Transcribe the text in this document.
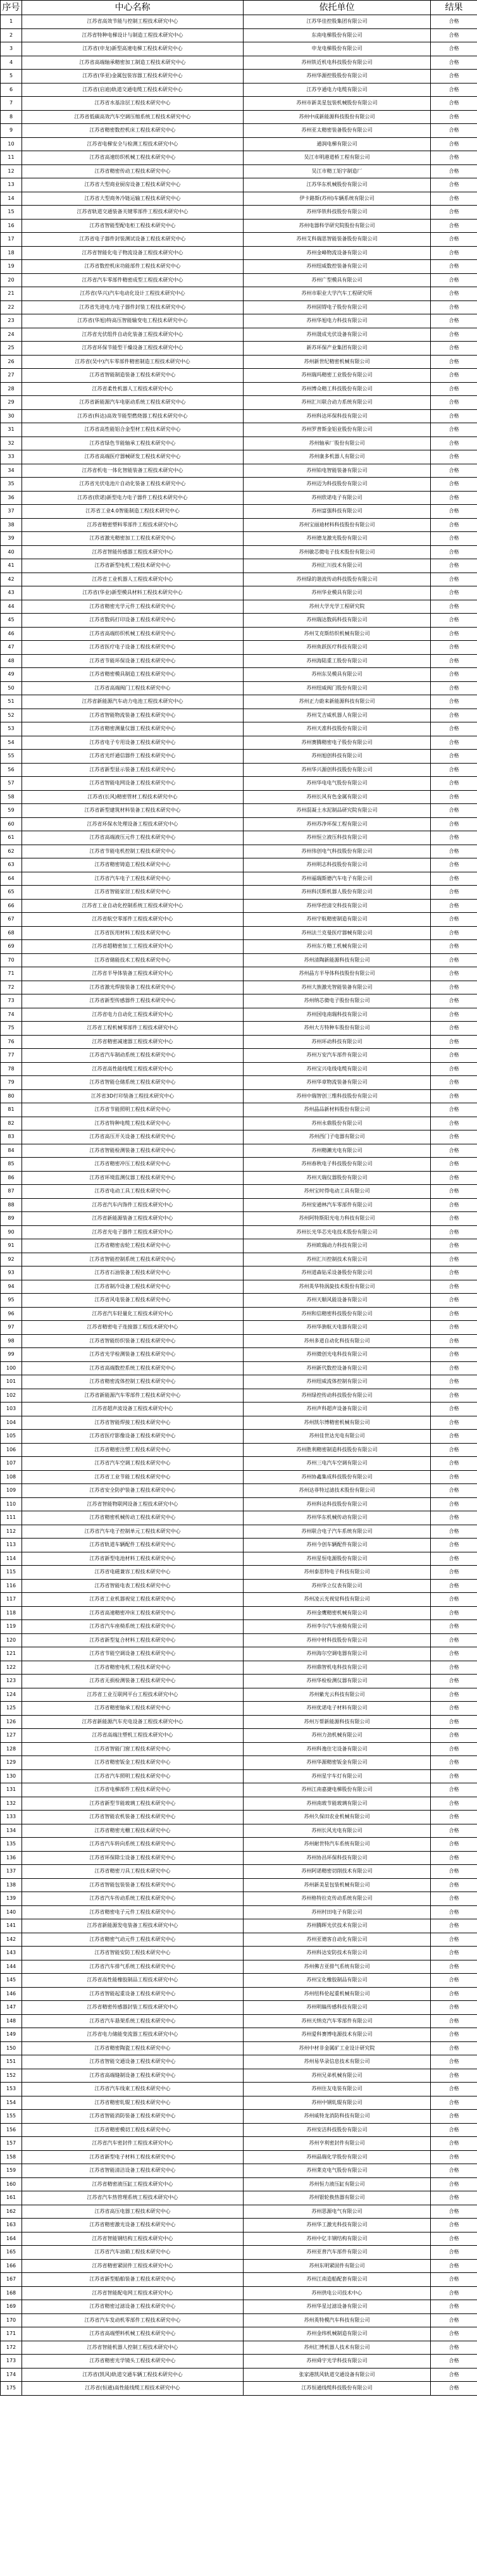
序号	中心名称	依托单位	结果
1	江苏省高效节能与控制工程技术研究中心	江苏华佳控股集团有限公司	合格
2	江苏省特种电梯设计与制造工程技术研究中心	东南电梯股份有限公司	合格
3	江苏省(申龙)新型高速电梯工程技术研究中心	申龙电梯股份有限公司	合格
4	江苏省高端轴承精密加工制造工程技术研究中心	苏州铁近机电科技股份有限公司	合格
5	江苏省(华亚)金属包装容器工程技术研究中心	苏州华源控股股份有限公司	合格
6	江苏省(启迪)轨道交通电缆工程技术研究中心	江苏亨通电力电缆有限公司	合格
7	江苏省水基涂层工程技术研究中心	苏州市新美星包装机械股份有限公司	合格
8	江苏省低碳高效汽车空调压缩系统工程技术研究中心	苏州中成新能源科技股份有限公司	合格
9	江苏省精密数控机床工程技术研究中心	苏州亚太精密装备股份有限公司	合格
10	江苏省电梯安全与检测工程技术研究中心	通润电梯有限公司	合格
11	江苏省高速纺织机械工程技术研究中心	吴江市明港道桥工程有限公司	合格
12	江苏省精密传动工程技术研究中心	吴江市精工铝字制造厂	合格
13	江苏省大型商业厨房设备工程技术研究中心	江苏华东机械股份有限公司	合格
14	江苏省大型商务冷链运输工程技术研究中心	伊卡路斯(苏州)车辆系统有限公司	合格
15	江苏省轨道交通装备关键零部件工程技术研究中心	苏州华铁科技股份有限公司	合格
16	江苏省智能型配电柜工程技术研究中心	苏州电器科学研究院股份有限公司	合格
17	江苏省电子器件封装测试设备工程技术研究中心	苏州艾科瑞思智能装备股份有限公司	合格
18	江苏省智能化电子物流设备工程技术研究中心	苏州金峰物流设备有限公司	合格
19	江苏省数控机床功能部件工程技术研究中心	苏州纽威数控装备有限公司	合格
20	江苏省汽车零部件精密成型工程技术研究中心	苏州广型模具有限公司	合格
21	江苏省(华兴)汽车电动化设计工程技术研究中心	苏州市职业大学汽车工程研究所	合格
22	江苏省先进电力电子器件封装工程技术研究中心	苏州固锝电子股份有限公司	合格
23	江苏省(华旭)特高压智能输变电工程技术研究中心	苏州华旭电力科技有限公司	合格
24	江苏省光伏组件自动化装备工程技术研究中心	苏州晟成光伏设备有限公司	合格
25	江苏省环保节能型干燥设备工程技术研究中心	新苏环保产业集团有限公司	合格
26	江苏省(吴中)汽车零部件精密制造工程技术研究中心	苏州新世纪精密机械有限公司	合格
27	江苏省智能制造装备工程技术研究中心	苏州瑞玛精密工业股份有限公司	合格
28	江苏省柔性机器人工程技术研究中心	苏州博众精工科技股份有限公司	合格
29	江苏省新能源汽车电驱动系统工程技术研究中心	苏州汇川联合动力系统有限公司	合格
30	江苏省(科达)高效节能型燃烧器工程技术研究中心	苏州科达环保科技有限公司	合格
31	江苏省高性能铝合金型材工程技术研究中心	苏州罗普斯金铝业股份有限公司	合格
32	江苏省绿色节能轴承工程技术研究中心	苏州轴承厂股份有限公司	合格
33	江苏省高端医疗器械研发工程技术研究中心	苏州康多机器人有限公司	合格
34	江苏省机电一体化智能装备工程技术研究中心	苏州铂电智能装备有限公司	合格
35	江苏省光伏电池片自动化装备工程技术研究中心	苏州迈为科技股份有限公司	合格
36	江苏省(欣诺)新型电力电子器件工程技术研究中心	苏州欣诺电子有限公司	合格
37	江苏省工业4.0智能制造工程技术研究中心	苏州富强科技有限公司	合格
38	江苏省精密塑料零部件工程技术研究中心	苏州宝丽迪材料科技股份有限公司	合格
39	江苏省激光精密加工工程技术研究中心	苏州德龙激光股份有限公司	合格
40	江苏省智能传感器工程技术研究中心	苏州敏芯微电子技术股份有限公司	合格
41	江苏省新型电机工程技术研究中心	苏州汇川技术有限公司	合格
42	江苏省工业机器人工程技术研究中心	苏州绿的谐波传动科技股份有限公司	合格
43	江苏省(华业)新型模具材料工程技术研究中心	苏州华业模具有限公司	合格
44	江苏省精密光学元件工程技术研究中心	苏州大学光学工程研究院	合格
45	江苏省数码打印设备工程技术研究中心	苏州瑞达数码科技有限公司	合格
46	江苏省高端纺织机械工程技术研究中心	苏州艾克斯纺织机械有限公司	合格
47	江苏省医疗电子设备工程技术研究中心	苏州鱼跃医疗科技有限公司	合格
48	江苏省节能环保设备工程技术研究中心	苏州海陆重工股份有限公司	合格
49	江苏省精密模具制造工程技术研究中心	苏州东吴模具有限公司	合格
50	江苏省高端阀门工程技术研究中心	苏州纽威阀门股份有限公司	合格
51	江苏省新能源汽车动力电池工程技术研究中心	苏州正力蔚来新能源科技有限公司	合格
52	江苏省智能物流装备工程技术研究中心	苏州艾吉威机器人有限公司	合格
53	江苏省精密测量仪器工程技术研究中心	苏州天准科技股份有限公司	合格
54	江苏省电子专用设备工程技术研究中心	苏州赛腾精密电子股份有限公司	合格
55	江苏省光纤通信器件工程技术研究中心	苏州旭创科技有限公司	合格
56	江苏省新型显示装备工程技术研究中心	苏州华兴源创科技股份有限公司	合格
57	江苏省智能电网设备工程技术研究中心	苏州华电电气股份有限公司	合格
58	江苏省(长风)精密管材工程技术研究中心	苏州长风有色金属有限公司	合格
59	江苏省新型建筑材料装备工程技术研究中心	苏州混凝土水泥制品研究院有限公司	合格
60	江苏省环保水处理设备工程技术研究中心	苏州苏净环保工程有限公司	合格
61	江苏省高端液压元件工程技术研究中心	苏州恒立液压科技有限公司	合格
62	江苏省节能电机控制工程技术研究中心	苏州伟创电气科技股份有限公司	合格
63	江苏省精密铸造工程技术研究中心	苏州明志科技股份有限公司	合格
64	江苏省汽车电子工程技术研究中心	苏州福瑞斯德汽车电子有限公司	合格
65	江苏省智能家居工程技术研究中心	苏州科沃斯机器人股份有限公司	合格
66	江苏省工业自动化控制系统工程技术研究中心	苏州华控清交科技有限公司	合格
67	江苏省航空零部件工程技术研究中心	苏州宇航精密制造有限公司	合格
68	江苏省医用材料工程技术研究中心	苏州法兰克曼医疗器械有限公司	合格
69	江苏省超精密加工工程技术研究中心	苏州东方精工机械有限公司	合格
70	江苏省储能技术工程技术研究中心	苏州清陶新能源科技有限公司	合格
71	江苏省半导体装备工程技术研究中心	苏州晶方半导体科技股份有限公司	合格
72	江苏省激光焊接装备工程技术研究中心	苏州大族激光智能装备有限公司	合格
73	江苏省新型传感器件工程技术研究中心	苏州纳芯微电子股份有限公司	合格
74	江苏省电力自动化工程技术研究中心	苏州国电南瑞科技有限公司	合格
75	江苏省工程机械零部件工程技术研究中心	苏州大方特种车股份有限公司	合格
76	江苏省精密减速器工程技术研究中心	苏州环动科技有限公司	合格
77	江苏省汽车制动系统工程技术研究中心	苏州万安汽车部件有限公司	合格
78	江苏省高性能线缆工程技术研究中心	苏州宝兴电线电缆有限公司	合格
79	江苏省智能仓储系统工程技术研究中心	苏州华章物流装备有限公司	合格
80	江苏省3D打印装备工程技术研究中心	苏州中瑞智创三维科技股份有限公司	合格
81	江苏省节能照明工程技术研究中心	苏州晶品新材料股份有限公司	合格
82	江苏省特种电缆工程技术研究中心	苏州永鼎股份有限公司	合格
83	江苏省高压开关设备工程技术研究中心	苏州西门子电器有限公司	合格
84	江苏省智能检测装备工程技术研究中心	苏州精濑光电有限公司	合格
85	江苏省精密冲压工程技术研究中心	苏州春秋电子科技股份有限公司	合格
86	江苏省环境监测仪器工程技术研究中心	苏州天瑞仪器股份有限公司	合格
87	江苏省电动工具工程技术研究中心	苏州宝时得电动工具有限公司	合格
88	江苏省汽车内饰件工程技术研究中心	苏州安通林汽车零部件有限公司	合格
89	江苏省新能源装备工程技术研究中心	苏州阿特斯阳光电力科技有限公司	合格
90	江苏省光电子器件工程技术研究中心	苏州长光华芯光电技术股份有限公司	合格
91	江苏省精密齿轮工程技术研究中心	苏州欧瑞动力科技有限公司	合格
92	江苏省智能控制系统工程技术研究中心	苏州汇川控制技术有限公司	合格
93	江苏省石油装备工程技术研究中心	苏州道森钻采设备股份有限公司	合格
94	江苏省制冷设备工程技术研究中心	苏州英华特涡旋技术股份有限公司	合格
95	江苏省风电装备工程技术研究中心	苏州天顺风能设备有限公司	合格
96	江苏省汽车轻量化工程技术研究中心	苏州和信精密科技股份有限公司	合格
97	江苏省精密电子连接器工程技术研究中心	苏州华旃航天电器有限公司	合格
98	江苏省智能纺织装备工程技术研究中心	苏州多道自动化科技有限公司	合格
99	江苏省光学检测装备工程技术研究中心	苏州微创光电科技有限公司	合格
100	江苏省高端数控系统工程技术研究中心	苏州新代数控设备有限公司	合格
101	江苏省精密流体控制工程技术研究中心	苏州纽威流体控制有限公司	合格
102	江苏省新能源汽车零部件工程技术研究中心	苏州绿控传动科技股份有限公司	合格
103	江苏省超声波设备工程技术研究中心	苏州声科超声设备有限公司	合格
104	江苏省智能焊接工程技术研究中心	苏州凯尔博精密机械有限公司	合格
105	江苏省医疗影像设备工程技术研究中心	苏州佳世达光电有限公司	合格
106	江苏省精密注塑工程技术研究中心	苏州胜利精密制造科技股份有限公司	合格
107	江苏省汽车空调工程技术研究中心	苏州三电汽车空调有限公司	合格
108	江苏省工业节能工程技术研究中心	苏州协鑫集成科技股份有限公司	合格
109	江苏省安全防护装备工程技术研究中心	苏州达菲特过滤技术股份有限公司	合格
110	江苏省智能物联网设备工程技术研究中心	苏州科达科技股份有限公司	合格
111	江苏省精密机械传动工程技术研究中心	苏州华东机械传动有限公司	合格
112	江苏省汽车电子控制单元工程技术研究中心	苏州联合电子汽车系统有限公司	合格
113	江苏省轨道车辆配件工程技术研究中心	苏州今创车辆配件有限公司	合格
114	江苏省新型电池材料工程技术研究中心	苏州星恒电源股份有限公司	合格
115	江苏省电磁兼容工程技术研究中心	苏州泰思特电子科技有限公司	合格
116	江苏省智能电表工程技术研究中心	苏州华立仪表有限公司	合格
117	江苏省工业机器视觉工程技术研究中心	苏州凌云光视觉科技有限公司	合格
118	江苏省高速精密冲床工程技术研究中心	苏州金鹰精密机械有限公司	合格
119	江苏省汽车座椅系统工程技术研究中心	苏州李尔汽车座椅有限公司	合格
120	江苏省新型复合材料工程技术研究中心	苏州中材科技股份有限公司	合格
121	江苏省节能空调设备工程技术研究中心	苏州海尔空调电器有限公司	合格
122	江苏省精密电机工程技术研究中心	苏州鼎智机电科技有限公司	合格
123	江苏省无损检测装备工程技术研究中心	苏州华检检测仪器有限公司	合格
124	江苏省工业互联网平台工程技术研究中心	苏州紫光云科技有限公司	合格
125	江苏省精密轴承工程技术研究中心	苏州优诺电子材料有限公司	合格
126	江苏省新能源汽车充电设备工程技术研究中心	苏州万帮新能源科技有限公司	合格
127	江苏省高端注塑机工程技术研究中心	苏州力劲机械有限公司	合格
128	江苏省智能门窗工程技术研究中心	苏州科逸住宅设备有限公司	合格
129	江苏省精密钣金工程技术研究中心	苏州华源精密钣金有限公司	合格
130	江苏省汽车照明工程技术研究中心	苏州星宇车灯有限公司	合格
131	江苏省电梯部件工程技术研究中心	苏州江南嘉捷电梯股份有限公司	合格
132	江苏省新型节能玻璃工程技术研究中心	苏州南玻节能玻璃有限公司	合格
133	江苏省智能农机装备工程技术研究中心	苏州久保田农业机械有限公司	合格
134	江苏省精密光栅工程技术研究中心	苏州长风光电有限公司	合格
135	江苏省汽车转向系统工程技术研究中心	苏州耐世特汽车系统有限公司	合格
136	江苏省环保除尘设备工程技术研究中心	苏州协昌环保科技有限公司	合格
137	江苏省精密刀具工程技术研究中心	苏州阿诺精密切削技术有限公司	合格
138	江苏省智能包装装备工程技术研究中心	苏州新美星包装机械有限公司	合格
139	江苏省汽车传动系统工程技术研究中心	苏州格特拉克传动系统有限公司	合格
140	江苏省精密电子元件工程技术研究中心	苏州村田电子有限公司	合格
141	江苏省新能源发电装备工程技术研究中心	苏州腾晖光伏技术有限公司	合格
142	江苏省精密气动元件工程技术研究中心	苏州亚德客自动化有限公司	合格
143	江苏省智能安防工程技术研究中心	苏州科达安防技术有限公司	合格
144	江苏省汽车排气系统工程技术研究中心	苏州佛吉亚排气系统有限公司	合格
145	江苏省高性能橡胶制品工程技术研究中心	苏州宝化橡胶制品有限公司	合格
146	江苏省智能起重设备工程技术研究中心	苏州纽科伦起重机械有限公司	合格
147	江苏省精密传感器封装工程技术研究中心	苏州明皜传感科技有限公司	合格
148	江苏省汽车悬架系统工程技术研究中心	苏州天纳克汽车零部件有限公司	合格
149	江苏省电力储能变流器工程技术研究中心	苏州爱科赛博电源技术有限公司	合格
150	江苏省精密陶瓷工程技术研究中心	苏州中材非金属矿工业设计研究院	合格
151	江苏省智能交通设备工程技术研究中心	苏州易华录信息技术有限公司	合格
152	江苏省高端缝制设备工程技术研究中心	苏州兄弟机械有限公司	合格
153	江苏省汽车线束工程技术研究中心	苏州住友电装有限公司	合格
154	江苏省精密轧辊工程技术研究中心	苏州中钢轧辊有限公司	合格
155	江苏省智能消防装备工程技术研究中心	苏州威特龙消防科技有限公司	合格
156	江苏省精密模切工程技术研究中心	苏州安洁科技股份有限公司	合格
157	江苏省汽车密封件工程技术研究中心	苏州亨利密封件有限公司	合格
158	江苏省新型电子材料工程技术研究中心	苏州晶瑞化学股份有限公司	合格
159	江苏省智能清洁设备工程技术研究中心	苏州莱克电气股份有限公司	合格
160	江苏省精密液压缸工程技术研究中心	苏州恒力液压缸有限公司	合格
161	江苏省汽车热管理系统工程技术研究中心	苏州银轮换热器有限公司	合格
162	江苏省高压电器工程技术研究中心	苏州思源电气有限公司	合格
163	江苏省精密激光设备工程技术研究中心	苏州华工激光科技有限公司	合格
164	江苏省智能钢结构工程技术研究中心	苏州中亿丰钢结构有限公司	合格
165	江苏省汽车油箱工程技术研究中心	苏州亚普汽车部件有限公司	合格
166	江苏省精密紧固件工程技术研究中心	苏州东明紧固件有限公司	合格
167	江苏省新型船舶装备工程技术研究中心	苏州江南造船配套有限公司	合格
168	江苏省智能配电网工程技术研究中心	苏州供电公司技术中心	合格
169	江苏省精密过滤设备工程技术研究中心	苏州华星过滤设备有限公司	合格
170	江苏省汽车发动机零部件工程技术研究中心	苏州英特模汽车科技有限公司	合格
171	江苏省高端塑料机械工程技术研究中心	苏州金纬机械制造有限公司	合格
172	江苏省智能机器人控制工程技术研究中心	苏州汇博机器人技术有限公司	合格
173	江苏省精密光学镜头工程技术研究中心	苏州舜宇光学科技有限公司	合格
174	江苏省(凯风)轨道交通车辆工程技术研究中心	张家港凯风轨道交通设备有限公司	合格
175	江苏省(恒通)高性能线缆工程技术研究中心	江苏恒通线缆科技股份有限公司	合格
